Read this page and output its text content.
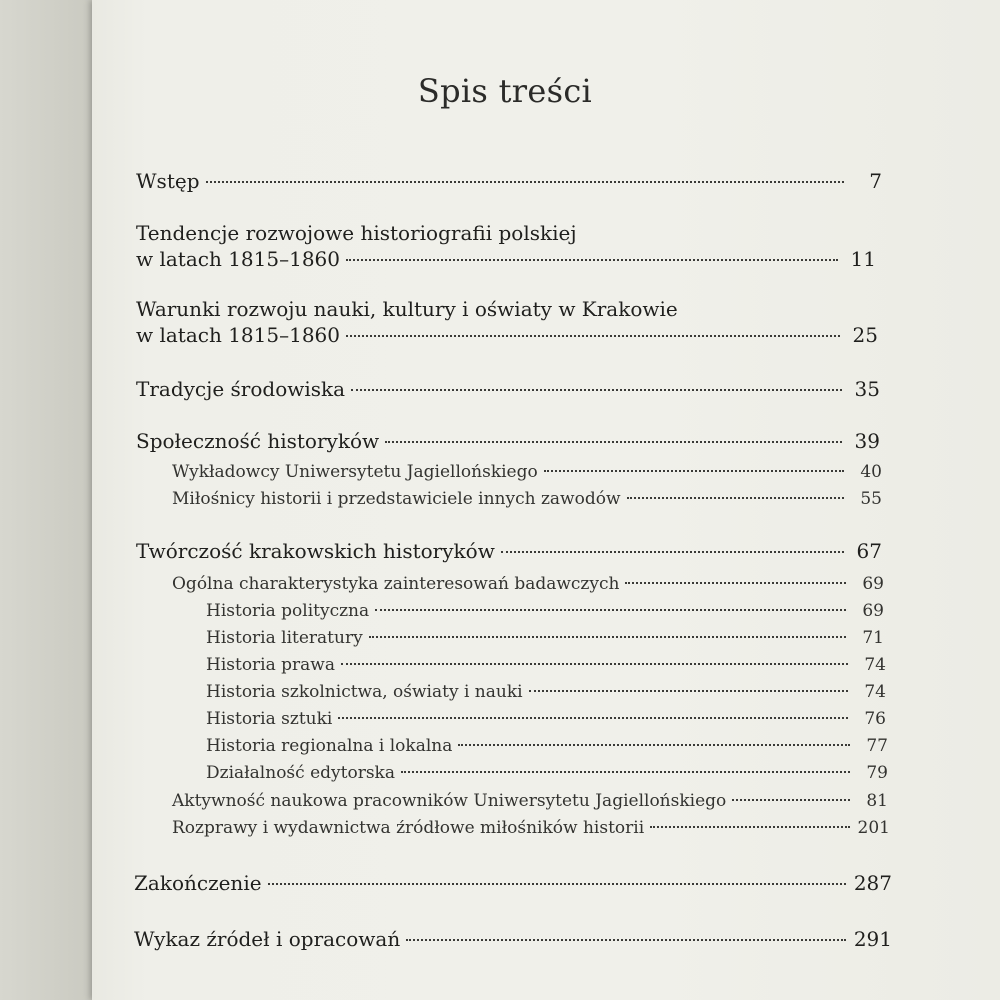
Spis treści
Wstęp	7
Tendencje rozwojowe historiografii polskiej
w latach 1815–1860	11
Warunki rozwoju nauki, kultury i oświaty w Krakowie
w latach 1815–1860	25
Tradycje środowiska	35
Społeczność historyków	39
Wykładowcy Uniwersytetu Jagiellońskiego	40
Miłośnicy historii i przedstawiciele innych zawodów	55
Twórczość krakowskich historyków	67
Ogólna charakterystyka zainteresowań badawczych	69
Historia polityczna	69
Historia literatury	71
Historia prawa	74
Historia szkolnictwa, oświaty i nauki	74
Historia sztuki	76
Historia regionalna i lokalna	77
Działalność edytorska	79
Aktywność naukowa pracowników Uniwersytetu Jagiellońskiego	81
Rozprawy i wydawnictwa źródłowe miłośników historii	201
Zakończenie	287
Wykaz źródeł i opracowań	291
